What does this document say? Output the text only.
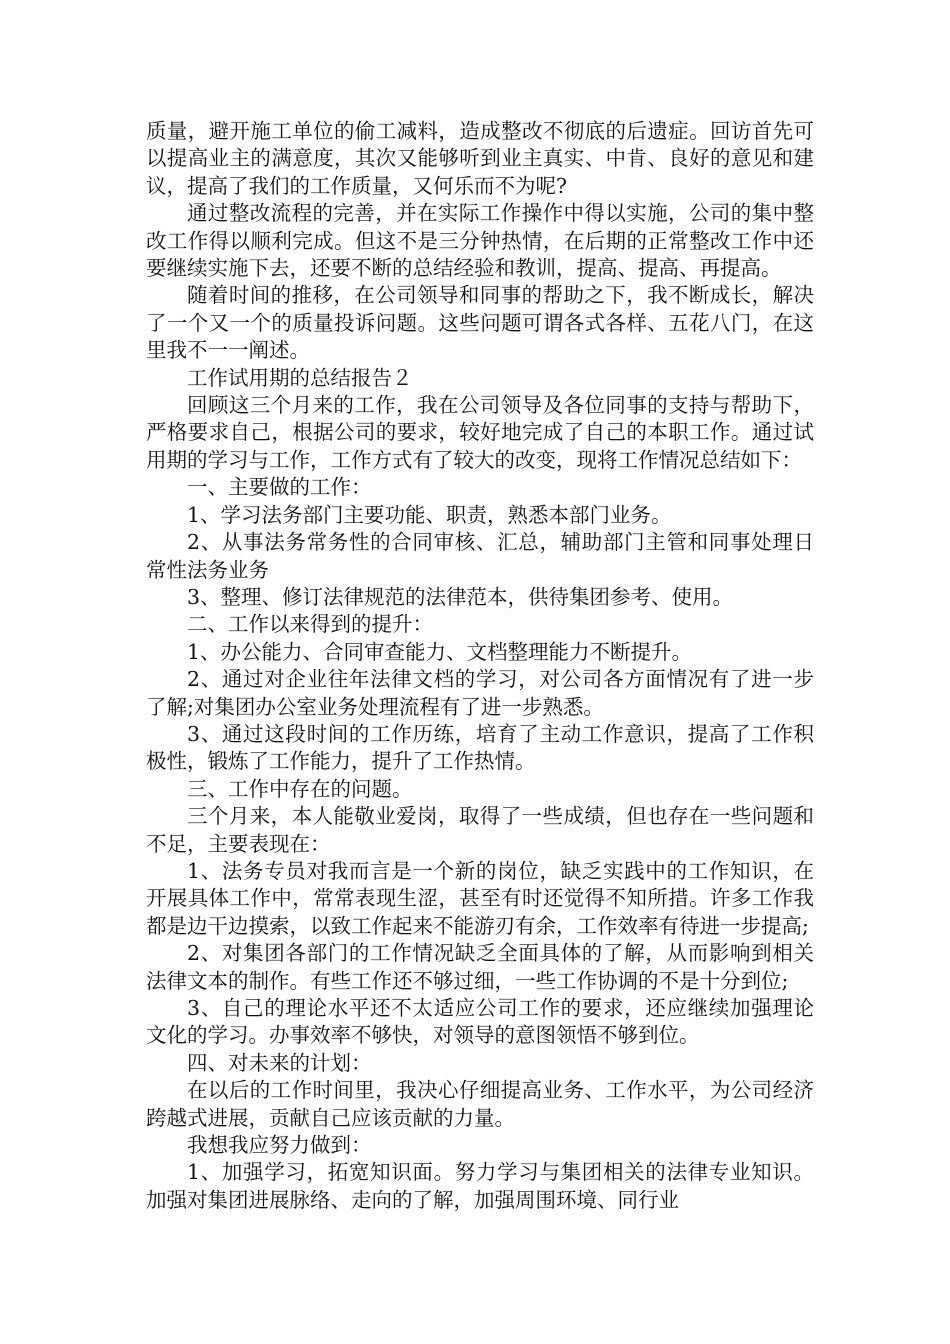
质量，避开施工单位的偷工减料，造成整改不彻底的后遗症。回访首先可以提高业主的满意度，其次又能够听到业主真实、中肯、良好的意见和建议，提高了我们的工作质量，又何乐而不为呢?

通过整改流程的完善，并在实际工作操作中得以实施，公司的集中整改工作得以顺利完成。但这不是三分钟热情，在后期的正常整改工作中还要继续实施下去，还要不断的总结经验和教训，提高、提高、再提高。

随着时间的推移，在公司领导和同事的帮助之下，我不断成长，解决了一个又一个的质量投诉问题。这些问题可谓各式各样、五花八门，在这里我不一一阐述。

工作试用期的总结报告２

回顾这三个月来的工作，我在公司领导及各位同事的支持与帮助下，严格要求自己，根据公司的要求，较好地完成了自己的本职工作。通过试用期的学习与工作，工作方式有了较大的改变，现将工作情况总结如下：

一、主要做的工作：

1、学习法务部门主要功能、职责，熟悉本部门业务。

2、从事法务常务性的合同审核、汇总，辅助部门主管和同事处理日常性法务业务

3、整理、修订法律规范的法律范本，供待集团参考、使用。

二、工作以来得到的提升：

1、办公能力、合同审查能力、文档整理能力不断提升。

2、通过对企业往年法律文档的学习，对公司各方面情况有了进一步了解;对集团办公室业务处理流程有了进一步熟悉。

3、通过这段时间的工作历练，培育了主动工作意识，提高了工作积极性，锻炼了工作能力，提升了工作热情。

三、工作中存在的问题。

三个月来，本人能敬业爱岗，取得了一些成绩，但也存在一些问题和不足，主要表现在：

1、法务专员对我而言是一个新的岗位，缺乏实践中的工作知识，在开展具体工作中，常常表现生涩，甚至有时还觉得不知所措。许多工作我都是边干边摸索，以致工作起来不能游刃有余，工作效率有待进一步提高;

2、对集团各部门的工作情况缺乏全面具体的了解，从而影响到相关法律文本的制作。有些工作还不够过细，一些工作协调的不是十分到位;

3、自己的理论水平还不太适应公司工作的要求，还应继续加强理论文化的学习。办事效率不够快，对领导的意图领悟不够到位。

四、对未来的计划：

在以后的工作时间里，我决心仔细提高业务、工作水平，为公司经济跨越式进展，贡献自己应该贡献的力量。

我想我应努力做到：

1、加强学习，拓宽知识面。努力学习与集团相关的法律专业知识。加强对集团进展脉络、走向的了解，加强周围环境、同行业
